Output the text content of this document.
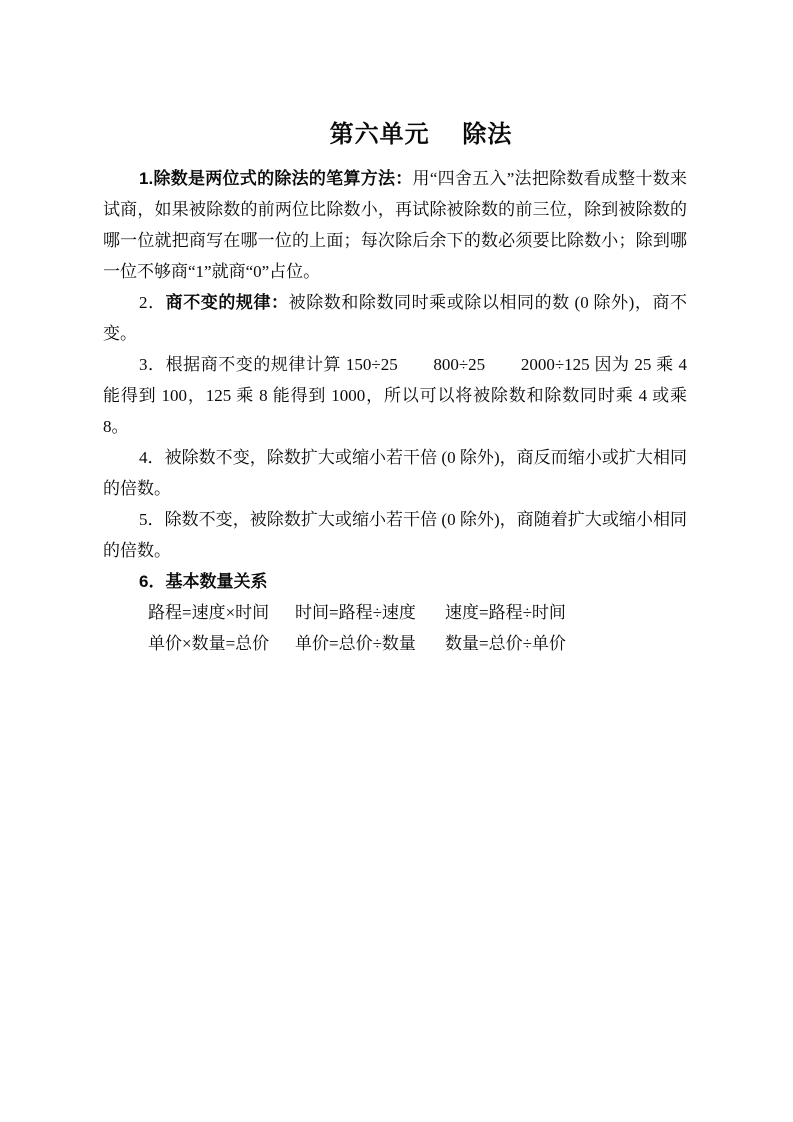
第六单元　 除法

1.除数是两位式的除法的笔算方法：用“四舍五入”法把除数看成整十数来试商，如果被除数的前两位比除数小，再试除被除数的前三位，除到被除数的哪一位就把商写在哪一位的上面；每次除后余下的数必须要比除数小；除到哪一位不够商“1”就商“0”占位。

2．商不变的规律：被除数和除数同时乘或除以相同的数 (0 除外)，商不变。

3．根据商不变的规律计算 150÷25　　800÷25　　2000÷125 因为 25 乘 4 能得到 100，125 乘 8 能得到 1000，所以可以将被除数和除数同时乘 4 或乘 8。

4．被除数不变，除数扩大或缩小若干倍 (0 除外)，商反而缩小或扩大相同的倍数。

5．除数不变，被除数扩大或缩小若干倍 (0 除外)，商随着扩大或缩小相同的倍数。

6．基本数量关系

路程=速度×时间 时间=路程÷速度 速度=路程÷时间
单价×数量=总价 单价=总价÷数量 数量=总价÷单价
